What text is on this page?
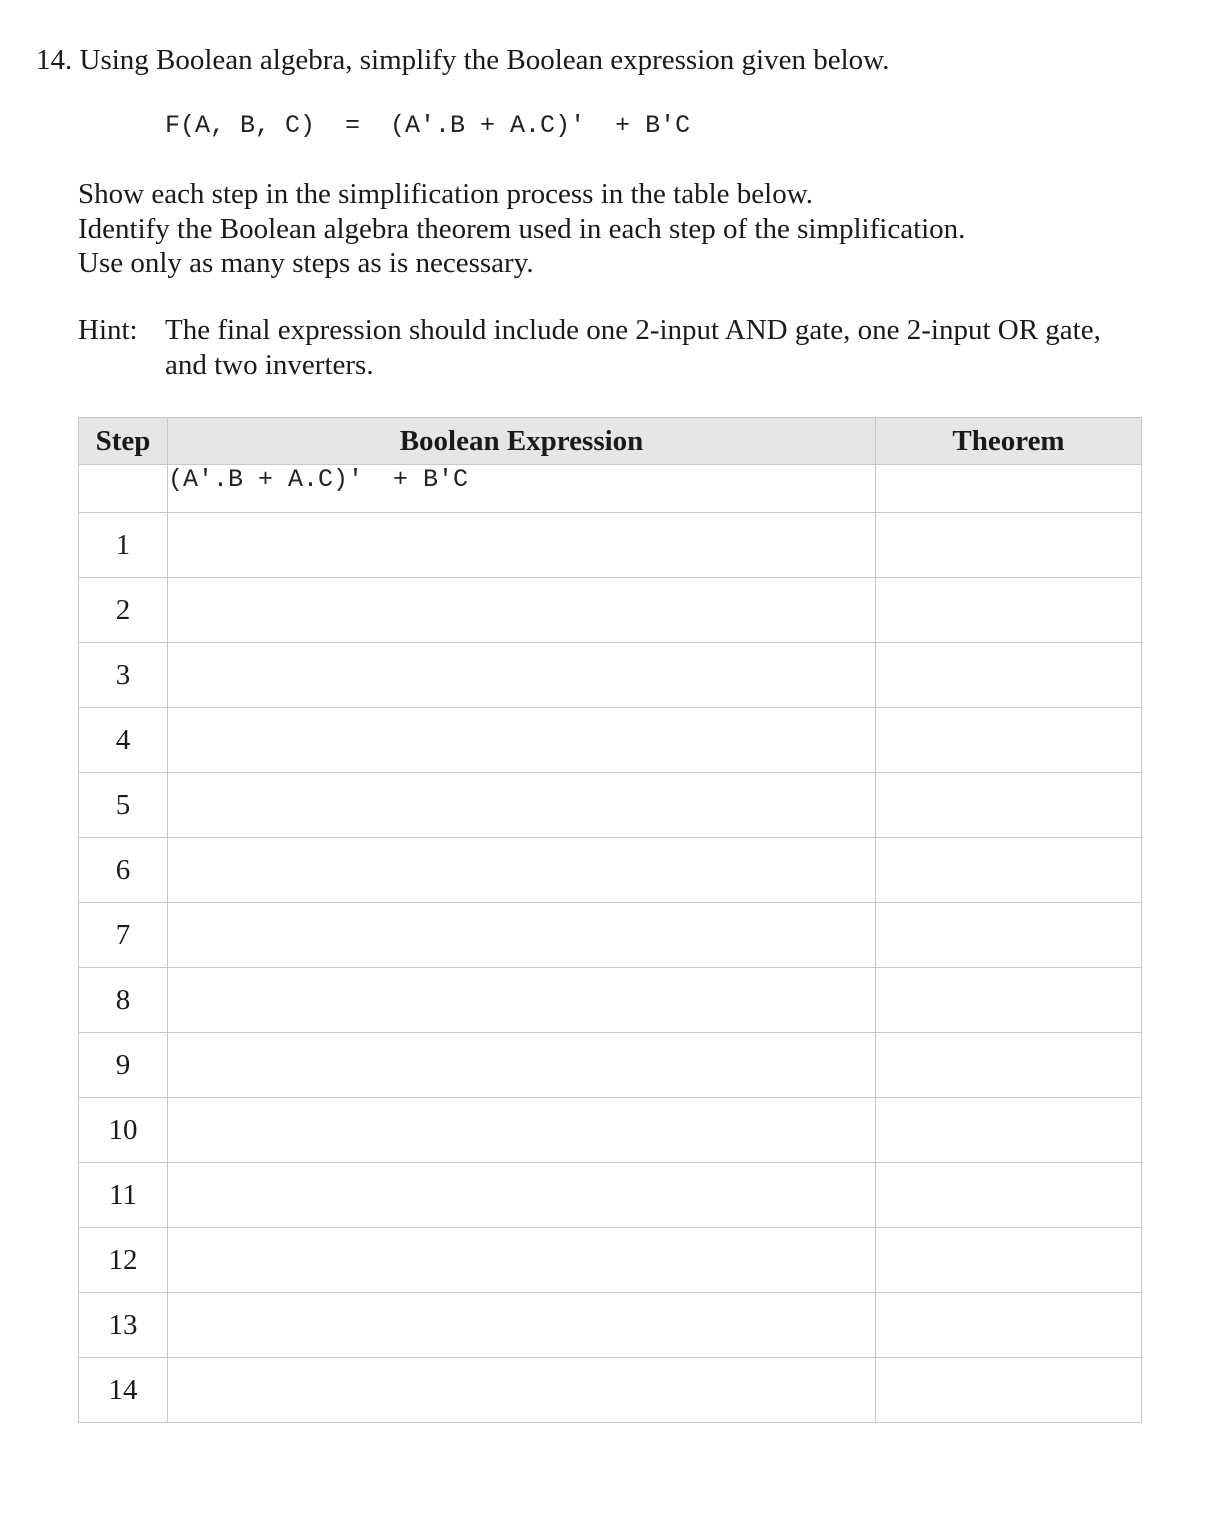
14. Using Boolean algebra, simplify the Boolean expression given below.
F(A, B, C)  =  (A'.B + A.C)'  + B'C
Show each step in the simplification process in the table below.
Identify the Boolean algebra theorem used in each step of the simplification.
Use only as many steps as is necessary.
Hint: The final expression should include one 2-input AND gate, one 2-input OR gate,
and two inverters.
Step	Boolean Expression	Theorem
	(A'.B + A.C)'  + B'C	
1		
2		
3		
4		
5		
6		
7		
8		
9		
10		
11		
12		
13		
14		
